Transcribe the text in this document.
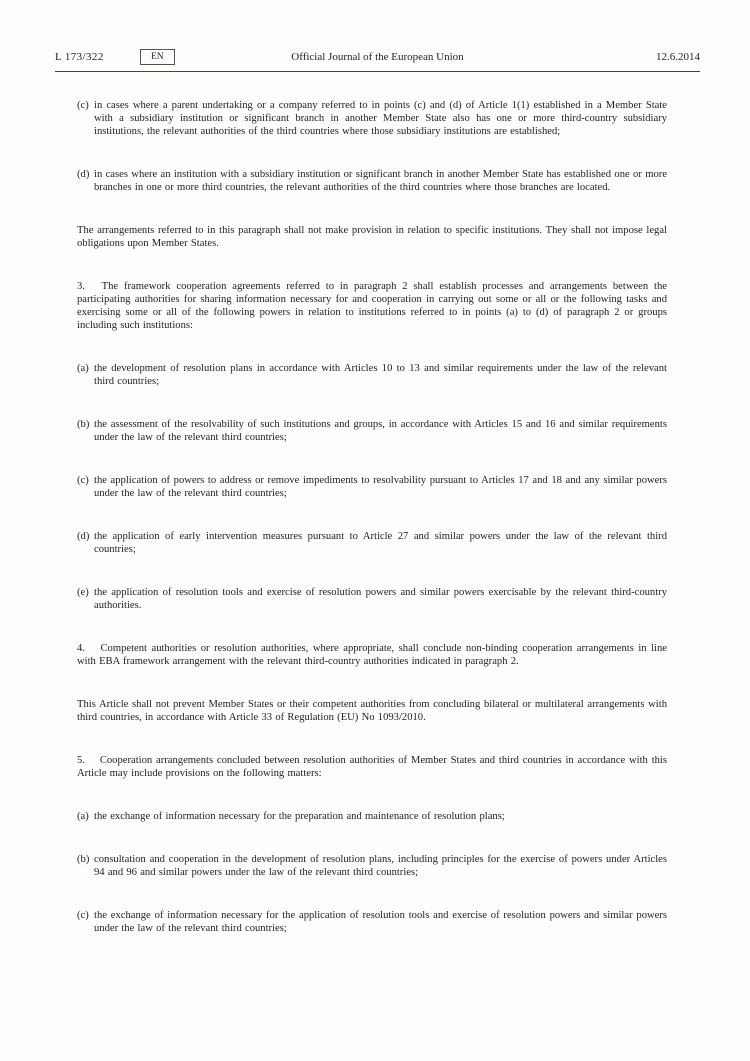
L 173/322	EN	Official Journal of the European Union	12.6.2014
(c) in cases where a parent undertaking or a company referred to in points (c) and (d) of Article 1(1) established in a Member State with a subsidiary institution or significant branch in another Member State also has one or more third-country subsidiary institutions, the relevant authorities of the third countries where those subsidiary institutions are established;
(d) in cases where an institution with a subsidiary institution or significant branch in another Member State has established one or more branches in one or more third countries, the relevant authorities of the third countries where those branches are located.
The arrangements referred to in this paragraph shall not make provision in relation to specific institutions. They shall not impose legal obligations upon Member States.
3. The framework cooperation agreements referred to in paragraph 2 shall establish processes and arrangements between the participating authorities for sharing information necessary for and cooperation in carrying out some or all or the following tasks and exercising some or all of the following powers in relation to institutions referred to in points (a) to (d) of paragraph 2 or groups including such institutions:
(a) the development of resolution plans in accordance with Articles 10 to 13 and similar requirements under the law of the relevant third countries;
(b) the assessment of the resolvability of such institutions and groups, in accordance with Articles 15 and 16 and similar requirements under the law of the relevant third countries;
(c) the application of powers to address or remove impediments to resolvability pursuant to Articles 17 and 18 and any similar powers under the law of the relevant third countries;
(d) the application of early intervention measures pursuant to Article 27 and similar powers under the law of the relevant third countries;
(e) the application of resolution tools and exercise of resolution powers and similar powers exercisable by the relevant third-country authorities.
4. Competent authorities or resolution authorities, where appropriate, shall conclude non-binding cooperation arrangements in line with EBA framework arrangement with the relevant third-country authorities indicated in paragraph 2.
This Article shall not prevent Member States or their competent authorities from concluding bilateral or multilateral arrangements with third countries, in accordance with Article 33 of Regulation (EU) No 1093/2010.
5. Cooperation arrangements concluded between resolution authorities of Member States and third countries in accordance with this Article may include provisions on the following matters:
(a) the exchange of information necessary for the preparation and maintenance of resolution plans;
(b) consultation and cooperation in the development of resolution plans, including principles for the exercise of powers under Articles 94 and 96 and similar powers under the law of the relevant third countries;
(c) the exchange of information necessary for the application of resolution tools and exercise of resolution powers and similar powers under the law of the relevant third countries;
